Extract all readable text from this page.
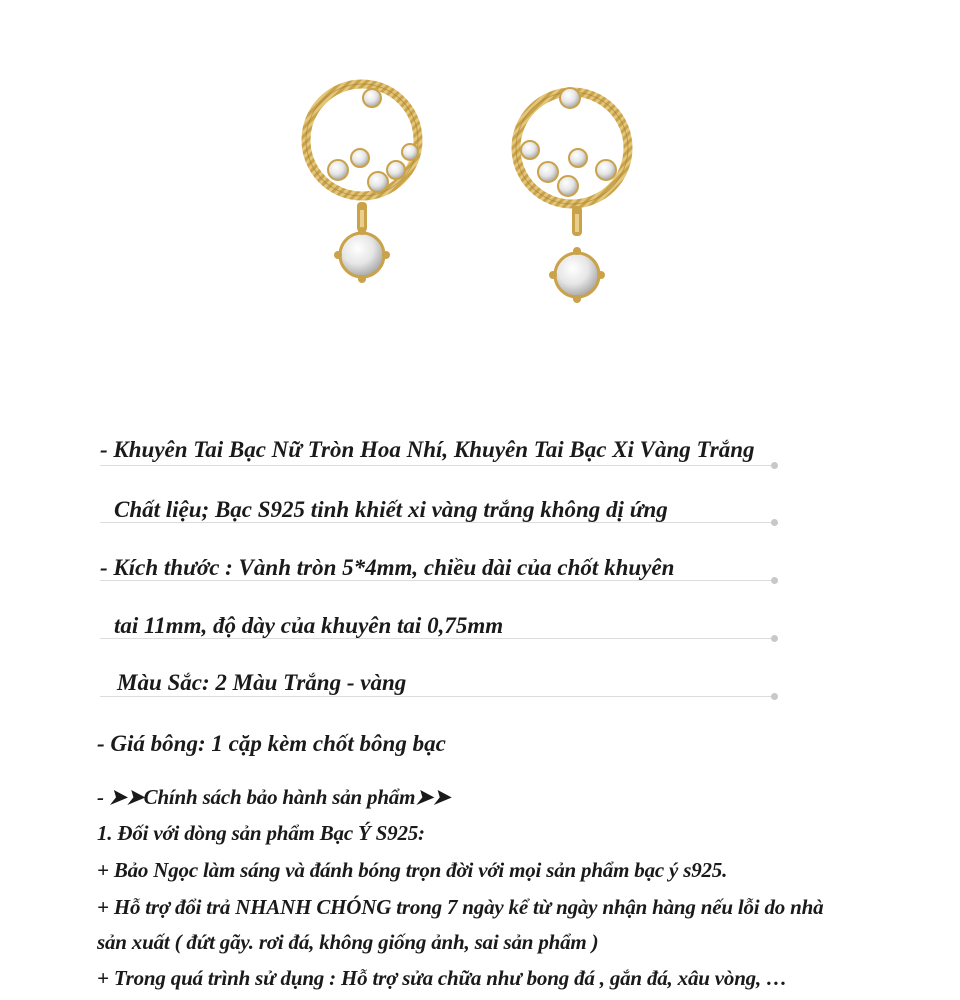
- Khuyên Tai Bạc Nữ Tròn Hoa Nhí, Khuyên Tai Bạc Xi Vàng Trắng
Chất liệu; Bạc S925 tinh khiết xi vàng trắng không dị ứng
- Kích thước : Vành tròn 5*4mm, chiều dài của chốt khuyên
tai 11mm, độ dày của khuyên tai 0,75mm
Màu Sắc: 2 Màu Trắng - vàng
- Giá bông: 1 cặp kèm chốt bông bạc
- ➤➤Chính sách bảo hành sản phẩm➤➤
1. Đối với dòng sản phẩm Bạc Ý S925:
+ Bảo Ngọc làm sáng và đánh bóng trọn đời với mọi sản phẩm bạc ý s925.
+ Hỗ trợ đổi trả NHANH CHÓNG trong 7 ngày kể từ ngày nhận hàng nếu lỗi do nhà
sản xuất ( đứt gãy. rơi đá, không giống ảnh, sai sản phẩm )
+ Trong quá trình sử dụng : Hỗ trợ sửa chữa như bong đá , gắn đá, xâu vòng, …
